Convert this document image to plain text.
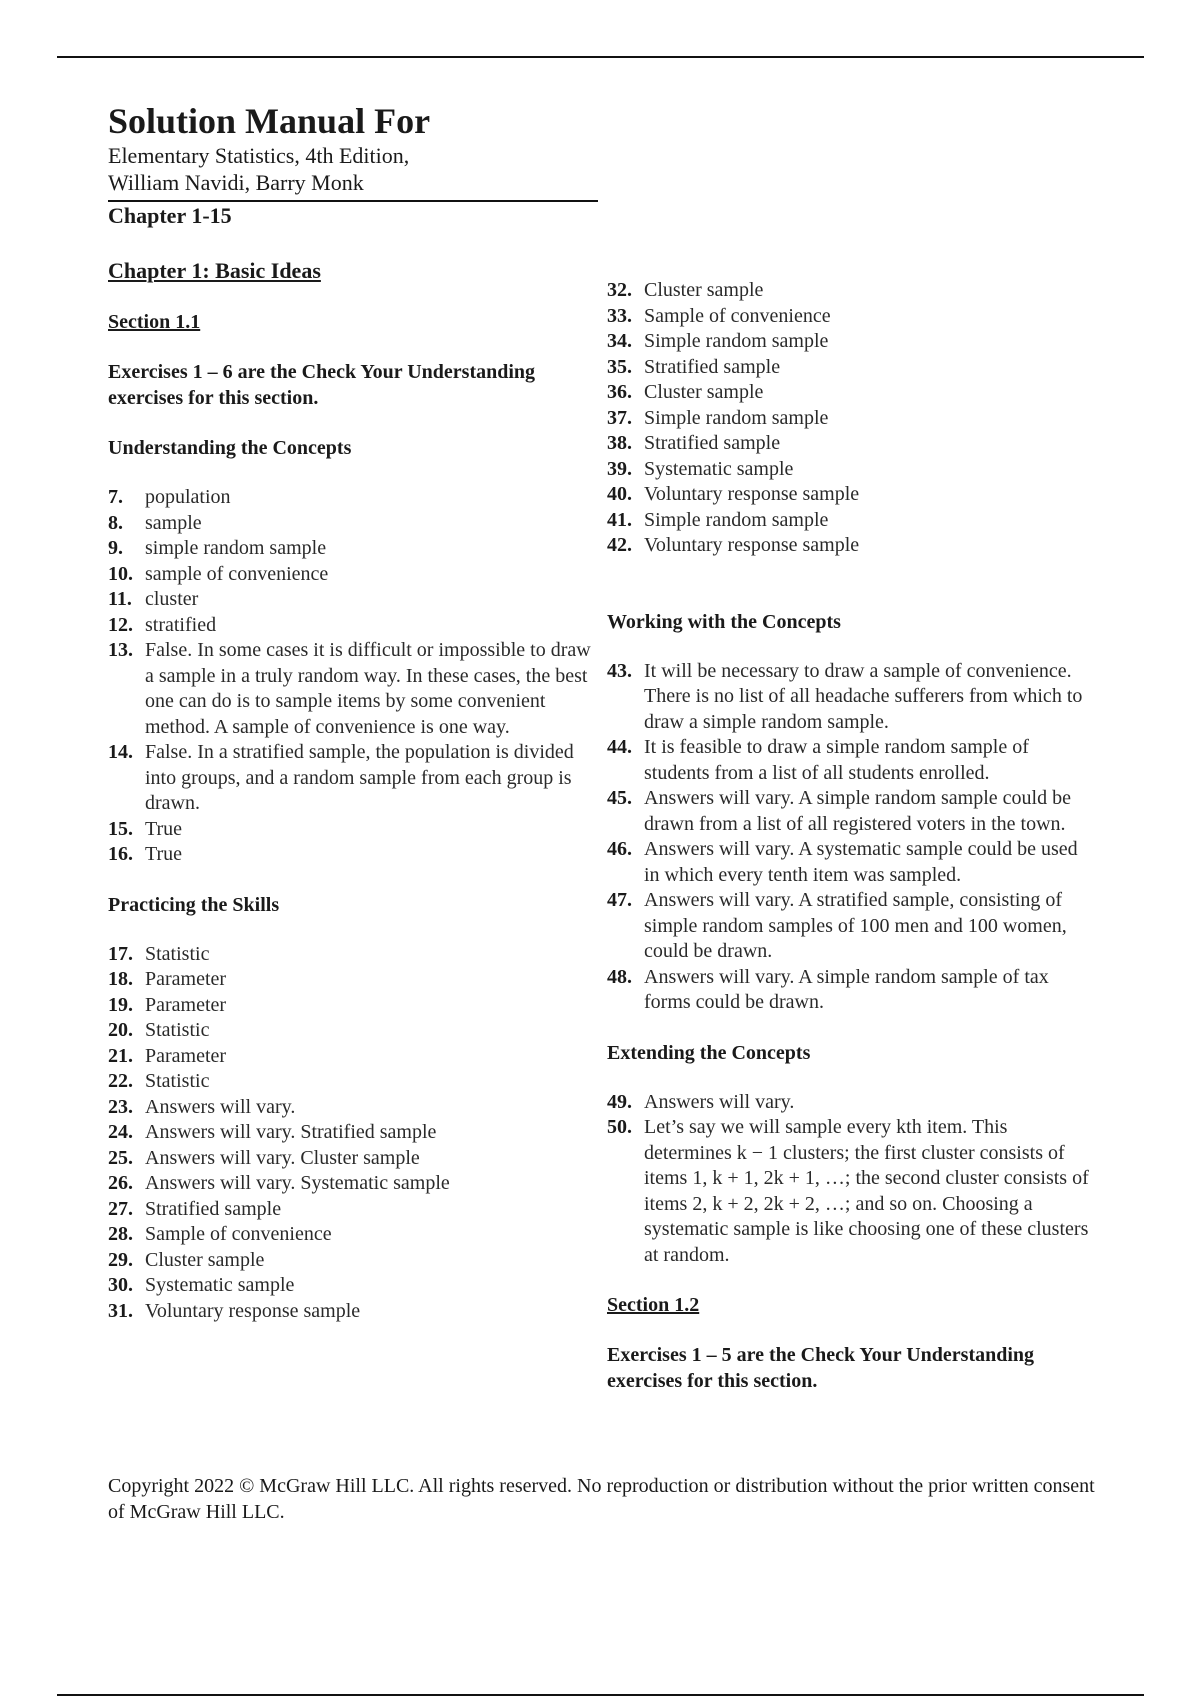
Solution Manual For
Elementary Statistics, 4th Edition,
William Navidi, Barry Monk
Chapter 1-15
Chapter 1: Basic Ideas
Section 1.1
Exercises 1 – 6 are the Check Your Understanding exercises for this section.
Understanding the Concepts
7.	population
8.	sample
9.	simple random sample
10. sample of convenience
11. cluster
12. stratified
13. False. In some cases it is difficult or impossible to draw a sample in a truly random way. In these cases, the best one can do is to sample items by some convenient method. A sample of convenience is one way.
14. False. In a stratified sample, the population is divided into groups, and a random sample from each group is drawn.
15. True
16. True
Practicing the Skills
17. Statistic
18. Parameter
19. Parameter
20. Statistic
21. Parameter
22. Statistic
23. Answers will vary.
24. Answers will vary. Stratified sample
25. Answers will vary. Cluster sample
26. Answers will vary. Systematic sample
27. Stratified sample
28. Sample of convenience
29. Cluster sample
30. Systematic sample
31. Voluntary response sample
32. Cluster sample
33. Sample of convenience
34. Simple random sample
35. Stratified sample
36. Cluster sample
37. Simple random sample
38. Stratified sample
39. Systematic sample
40. Voluntary response sample
41. Simple random sample
42. Voluntary response sample
Working with the Concepts
43. It will be necessary to draw a sample of convenience. There is no list of all headache sufferers from which to draw a simple random sample.
44. It is feasible to draw a simple random sample of students from a list of all students enrolled.
45. Answers will vary. A simple random sample could be drawn from a list of all registered voters in the town.
46. Answers will vary. A systematic sample could be used in which every tenth item was sampled.
47. Answers will vary. A stratified sample, consisting of simple random samples of 100 men and 100 women, could be drawn.
48. Answers will vary. A simple random sample of tax forms could be drawn.
Extending the Concepts
49. Answers will vary.
50. Let’s say we will sample every kth item. This determines k − 1 clusters; the first cluster consists of items 1, k + 1, 2k + 1, …; the second cluster consists of items 2, k + 2, 2k + 2, …; and so on. Choosing a systematic sample is like choosing one of these clusters at random.
Section 1.2
Exercises 1 – 5 are the Check Your Understanding exercises for this section.
Copyright 2022 © McGraw Hill LLC. All rights reserved. No reproduction or distribution without the prior written consent of McGraw Hill LLC.
